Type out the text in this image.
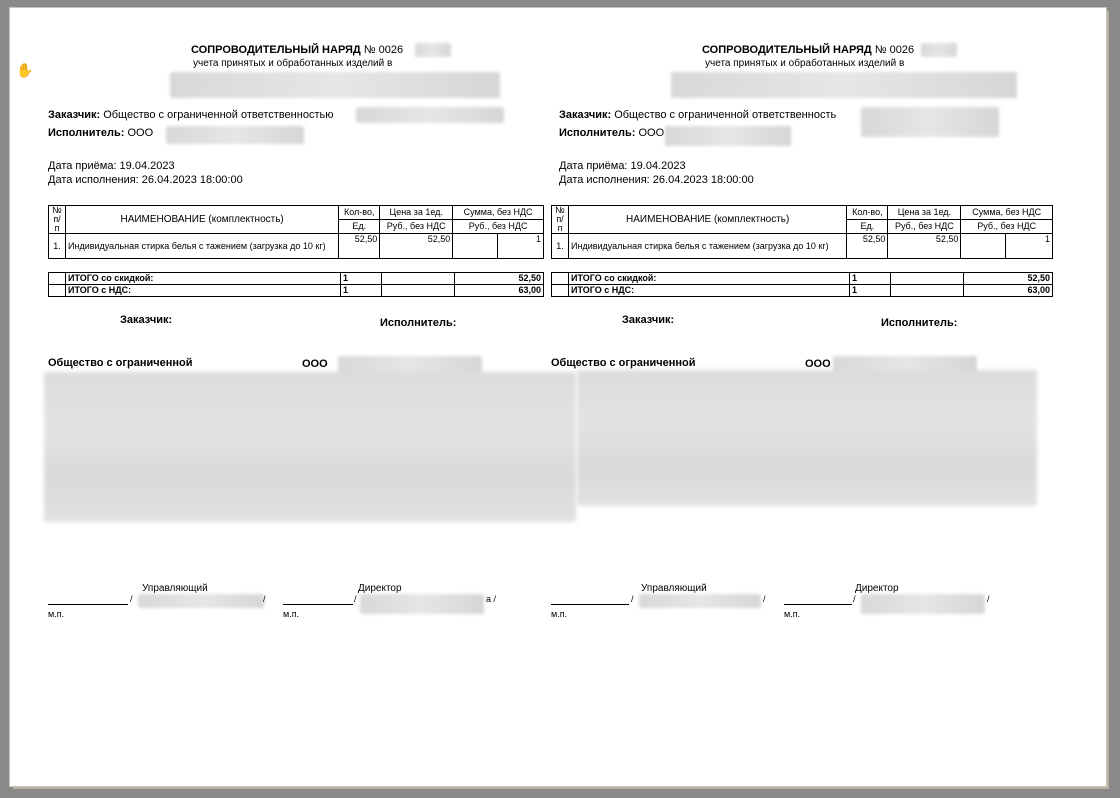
✋
СОПРОВОДИТЕЛЬНЫЙ НАРЯД № 0026
учета принятых и обработанных изделий в
Заказчик: Общество с ограниченной ответственностью
Исполнитель: ООО
Дата приёма: 19.04.2023
Дата исполнения: 26.04.2023 18:00:00
№ п/п	НАИМЕНОВАНИЕ (комплектность)	Кол-во,	Цена за 1ед.	Сумма, без НДС	
		Ед.	Руб., без НДС	Руб., без НДС	
1.	Индивидуальная стирка белья с тажением (загрузка до 10 кг)	52,50	52,50		1
	ИТОГО со скидкой:	1		52,50
	ИТОГО с НДС:	1		63,00
Заказчик:	Исполнитель:
Общество с ограниченной	ООО
Управляющий
/	/
м.п.
Директор
/	а /
м.п.
СОПРОВОДИТЕЛЬНЫЙ НАРЯД № 0026
учета принятых и обработанных изделий в
Заказчик: Общество с ограниченной ответственность
Исполнитель: ООО
Дата приёма: 19.04.2023
Дата исполнения: 26.04.2023 18:00:00
№ п/п	НАИМЕНОВАНИЕ (комплектность)	Кол-во,	Цена за 1ед.	Сумма, без НДС	
		Ед.	Руб., без НДС	Руб., без НДС	
1.	Индивидуальная стирка белья с тажением (загрузка до 10 кг)	52,50	52,50		1
	ИТОГО со скидкой:	1		52,50
	ИТОГО с НДС:	1		63,00
Заказчик:	Исполнитель:
Общество с ограниченной	ООО
Управляющий
/	/
м.п.
Директор
/	/
м.п.
